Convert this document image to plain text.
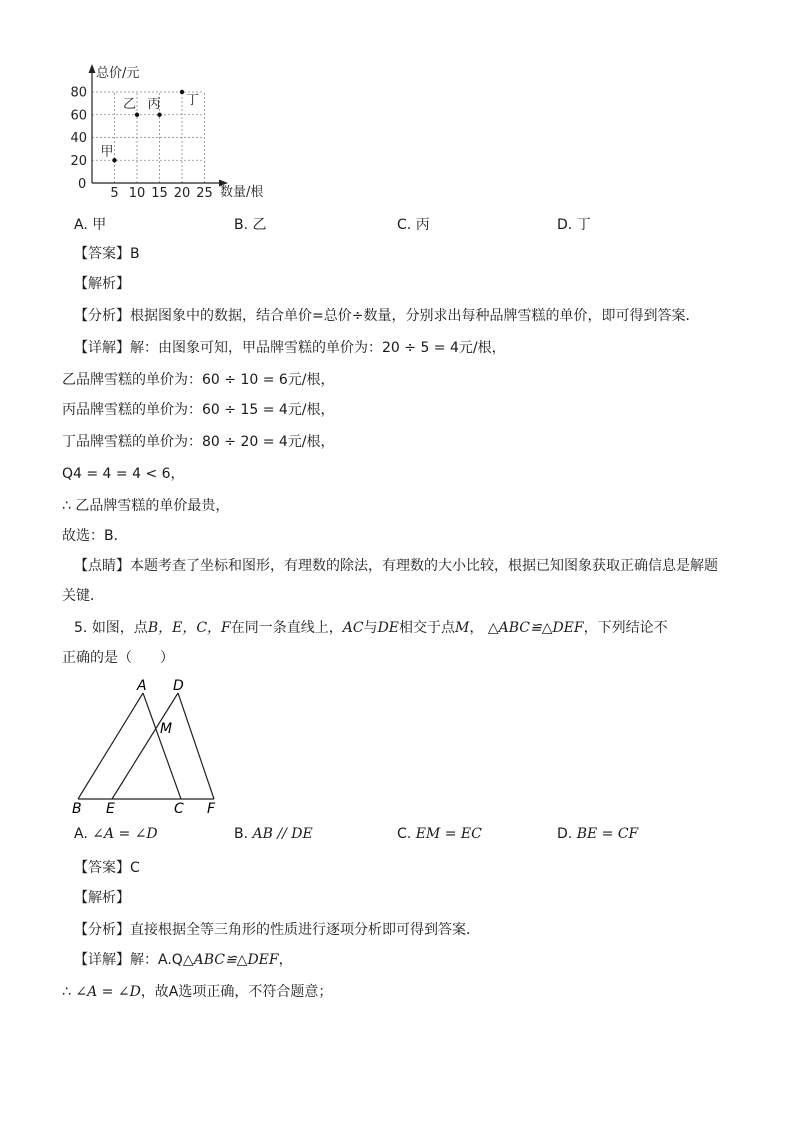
80
60
40
20
5 10 15 20 25
甲
乙 丙 丁
总价/元
数量/根
0
A. 甲	B. 乙	C. 丙	D. 丁
【答案】B
【解析】
【分析】根据图象中的数据，结合单价=总价÷数量，分别求出每种品牌雪糕的单价，即可得到答案．
【详解】解：由图象可知，甲品牌雪糕的单价为：20 ÷ 5 = 4元/根，
乙品牌雪糕的单价为：60 ÷ 10 = 6元/根，
丙品牌雪糕的单价为：60 ÷ 15 = 4元/根，
丁品牌雪糕的单价为：80 ÷ 20 = 4元/根，
Q4 = 4 = 4 < 6，
∴ 乙品牌雪糕的单价最贵，
故选：B．
【点睛】本题考查了坐标和图形，有理数的除法，有理数的大小比较，根据已知图象获取正确信息是解题
关键．
5. 如图，点B，E，C，F在同一条直线上，AC与DE相交于点M， △ABC≌△DEF，下列结论不
正确的是（　　）
A D
M
B E	C F
A. ∠A = ∠D	B. AB // DE	C. EM = EC	D. BE = CF
【答案】C
【解析】
【分析】直接根据全等三角形的性质进行逐项分析即可得到答案．
【详解】解：A.Q△ABC≌△DEF，
∴ ∠A = ∠D，故A选项正确，不符合题意；
